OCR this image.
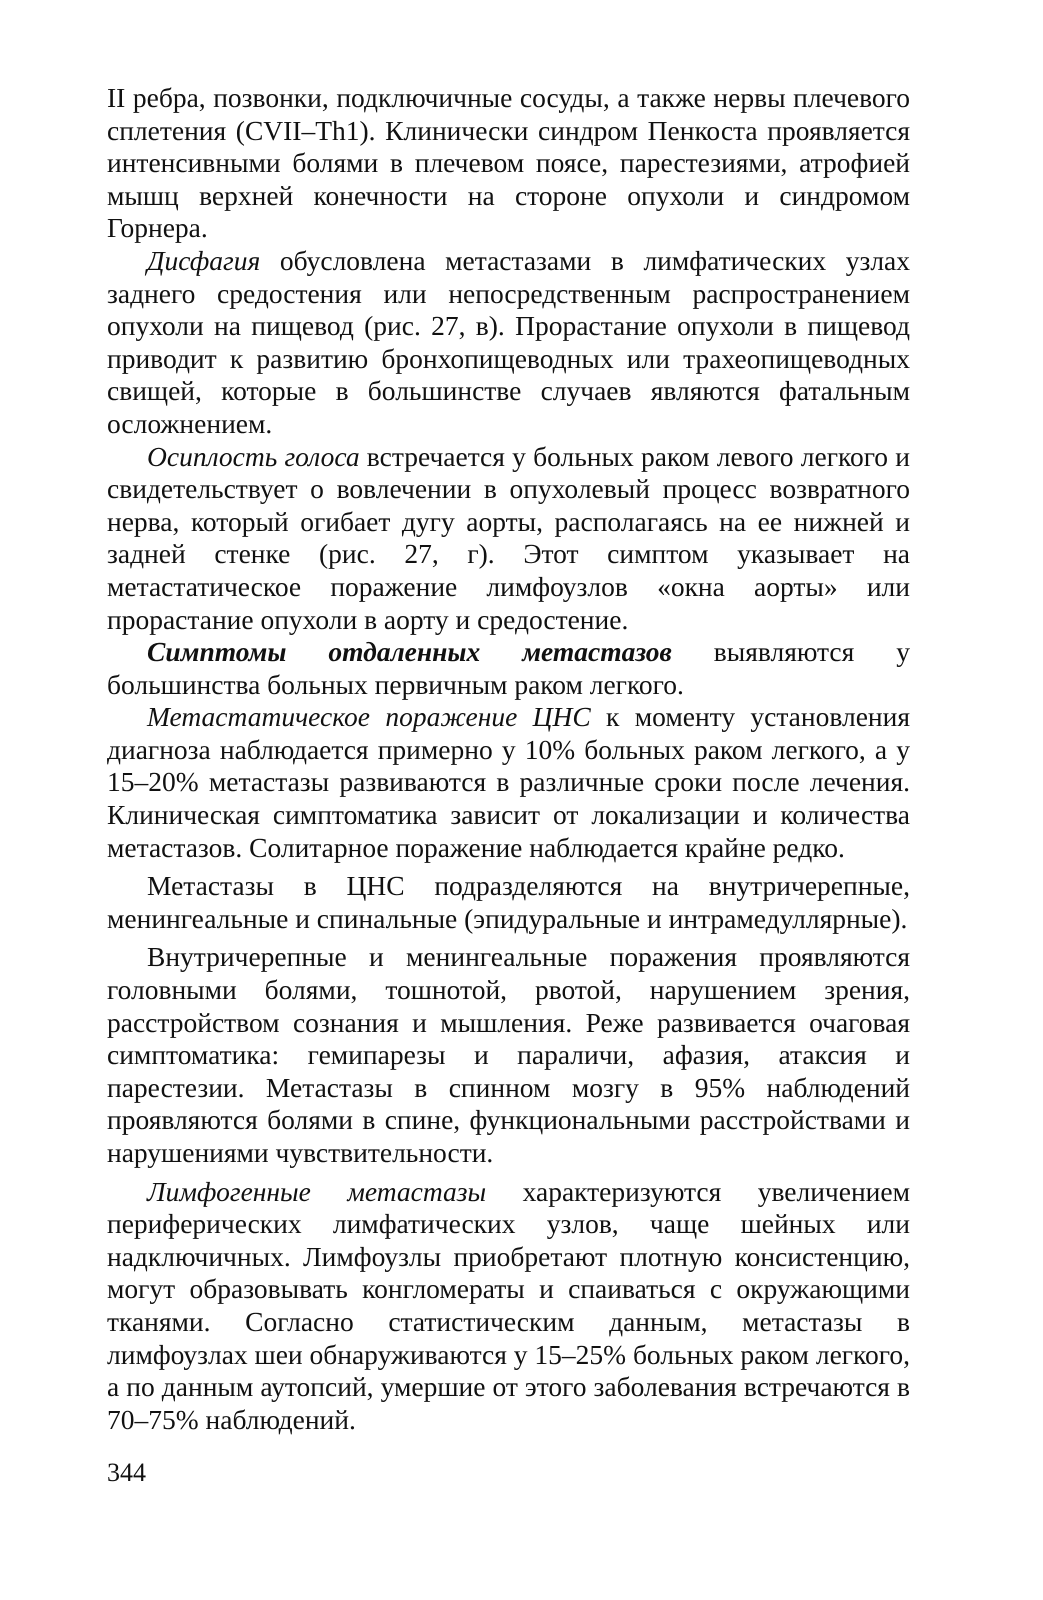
II ребра, позвонки, подключичные сосуды, а также нервы плечевого сплетения (CVII–Th1). Клинически синдром Пенкоста проявляется интенсивными болями в плечевом поясе, парестезиями, атрофией мышц верхней конечности на стороне опухоли и синдромом Горнера.

Дисфагия обусловлена метастазами в лимфатических узлах заднего средостения или непосредственным распространением опухоли на пищевод (рис. 27, в). Прорастание опухоли в пищевод приводит к развитию бронхопищеводных или трахеопищеводных свищей, которые в большинстве случаев являются фатальным осложнением.

Осиплость голоса встречается у больных раком левого легкого и свидетельствует о вовлечении в опухолевый процесс возвратного нерва, который огибает дугу аорты, располагаясь на ее нижней и задней стенке (рис. 27, г). Этот симптом указывает на метастатическое поражение лимфоузлов «окна аорты» или прорастание опухоли в аорту и средостение.

Симптомы отдаленных метастазов выявляются у большинства больных первичным раком легкого.

Метастатическое поражение ЦНС к моменту установления диагноза наблюдается примерно у 10% больных раком легкого, а у 15–20% метастазы развиваются в различные сроки после лечения. Клиническая симптоматика зависит от локализации и количества метастазов. Солитарное поражение наблюдается крайне редко.

Метастазы в ЦНС подразделяются на внутричерепные, менингеальные и спинальные (эпидуральные и интрамедуллярные).

Внутричерепные и менингеальные поражения проявляются головными болями, тошнотой, рвотой, нарушением зрения, расстройством сознания и мышления. Реже развивается очаговая симптоматика: гемипарезы и параличи, афазия, атаксия и парестезии. Метастазы в спинном мозгу в 95% наблюдений проявляются болями в спине, функциональными расстройствами и нарушениями чувствительности.

Лимфогенные метастазы характеризуются увеличением периферических лимфатических узлов, чаще шейных или надключичных. Лимфоузлы приобретают плотную консистенцию, могут образовывать конгломераты и спаиваться с окружающими тканями. Согласно статистическим данным, метастазы в лимфоузлах шеи обнаруживаются у 15–25% больных раком легкого, а по данным аутопсий, умершие от этого заболевания встречаются в 70–75% наблюдений.

344
